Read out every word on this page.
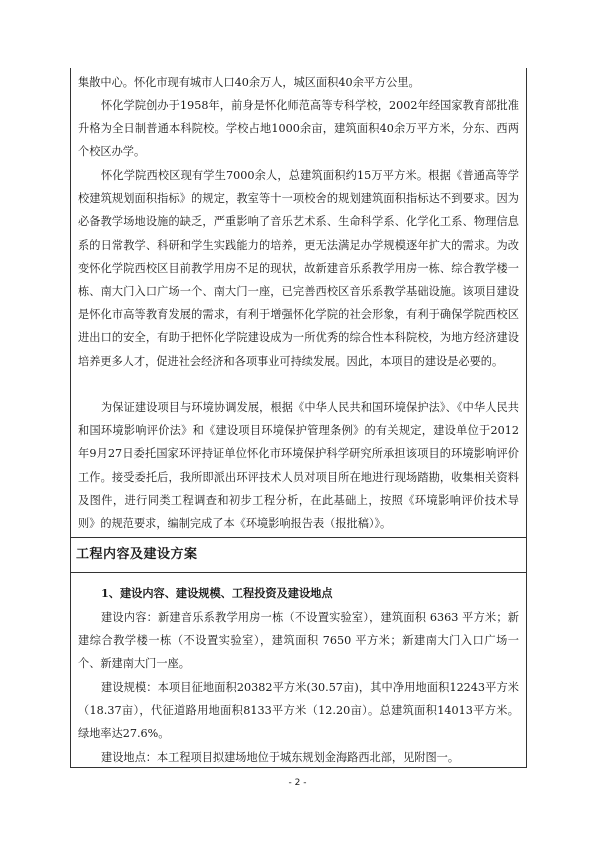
集散中心。怀化市现有城市人口40余万人，城区面积40余平方公里。

怀化学院创办于1958年，前身是怀化师范高等专科学校，2002年经国家教育部批准升格为全日制普通本科院校。学校占地1000余亩，建筑面积40余万平方米，分东、西两个校区办学。

怀化学院西校区现有学生7000余人，总建筑面积约15万平方米。根据《普通高等学校建筑规划面积指标》的规定，教室等十一项校舍的规划建筑面积指标达不到要求。因为必备教学场地设施的缺乏，严重影响了音乐艺术系、生命科学系、化学化工系、物理信息系的日常教学、科研和学生实践能力的培养，更无法满足办学规模逐年扩大的需求。为改变怀化学院西校区目前教学用房不足的现状，故新建音乐系教学用房一栋、综合教学楼一栋、南大门入口广场一个、南大门一座，已完善西校区音乐系教学基础设施。该项目建设是怀化市高等教育发展的需求，有利于增强怀化学院的社会形象，有利于确保学院西校区进出口的安全，有助于把怀化学院建设成为一所优秀的综合性本科院校，为地方经济建设培养更多人才，促进社会经济和各项事业可持续发展。因此，本项目的建设是必要的。

为保证建设项目与环境协调发展，根据《中华人民共和国环境保护法》、《中华人民共和国环境影响评价法》和《建设项目环境保护管理条例》的有关规定，建设单位于2012年9月27日委托国家环评持证单位怀化市环境保护科学研究所承担该项目的环境影响评价工作。接受委托后，我所即派出环评技术人员对项目所在地进行现场踏勘，收集相关资料及图件，进行同类工程调查和初步工程分析，在此基础上，按照《环境影响评价技术导则》的规范要求，编制完成了本《环境影响报告表（报批稿）》。

工程内容及建设方案
1、建设内容、建设规模、工程投资及建设地点

建设内容：新建音乐系教学用房一栋（不设置实验室），建筑面积 6363 平方米；新建综合教学楼一栋（不设置实验室），建筑面积 7650 平方米；新建南大门入口广场一个、新建南大门一座。

建设规模：本项目征地面积20382平方米(30.57亩)，其中净用地面积12243平方米（18.37亩），代征道路用地面积8133平方米（12.20亩）。总建筑面积14013平方米。绿地率达27.6%。

建设地点：本工程项目拟建场地位于城东规划金海路西北部，见附图一。

- 2 -
